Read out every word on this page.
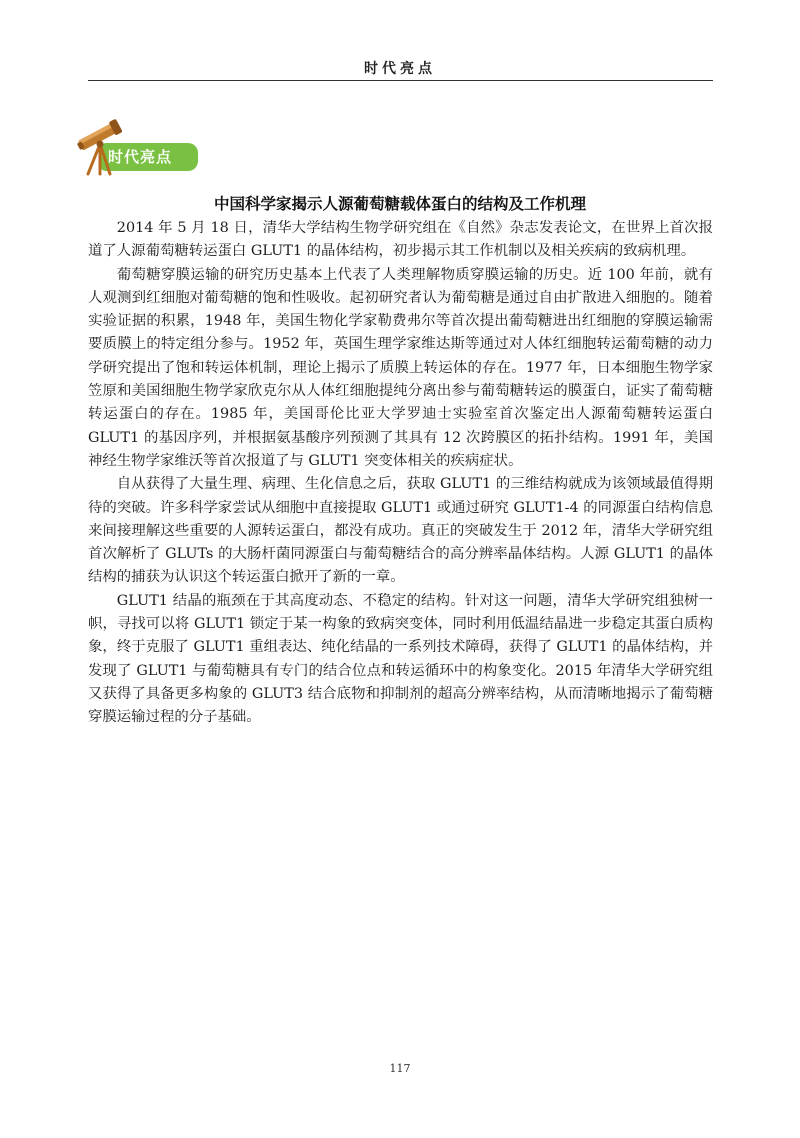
时代亮点
时代亮点
中国科学家揭示人源葡萄糖载体蛋白的结构及工作机理

2014 年 5 月 18 日，清华大学结构生物学研究组在《自然》杂志发表论文，在世界上首次报道了人源葡萄糖转运蛋白 GLUT1 的晶体结构，初步揭示其工作机制以及相关疾病的致病机理。

葡萄糖穿膜运输的研究历史基本上代表了人类理解物质穿膜运输的历史。近 100 年前，就有人观测到红细胞对葡萄糖的饱和性吸收。起初研究者认为葡萄糖是通过自由扩散进入细胞的。随着实验证据的积累，1948 年，美国生物化学家勒费弗尔等首次提出葡萄糖进出红细胞的穿膜运输需要质膜上的特定组分参与。1952 年，英国生理学家维达斯等通过对人体红细胞转运葡萄糖的动力学研究提出了饱和转运体机制，理论上揭示了质膜上转运体的存在。1977 年，日本细胞生物学家笠原和美国细胞生物学家欣克尔从人体红细胞提纯分离出参与葡萄糖转运的膜蛋白，证实了葡萄糖转运蛋白的存在。1985 年，美国哥伦比亚大学罗迪士实验室首次鉴定出人源葡萄糖转运蛋白 GLUT1 的基因序列，并根据氨基酸序列预测了其具有 12 次跨膜区的拓扑结构。1991 年，美国神经生物学家维沃等首次报道了与 GLUT1 突变体相关的疾病症状。

自从获得了大量生理、病理、生化信息之后，获取 GLUT1 的三维结构就成为该领域最值得期待的突破。许多科学家尝试从细胞中直接提取 GLUT1 或通过研究 GLUT1-4 的同源蛋白结构信息来间接理解这些重要的人源转运蛋白，都没有成功。真正的突破发生于 2012 年，清华大学研究组首次解析了 GLUTs 的大肠杆菌同源蛋白与葡萄糖结合的高分辨率晶体结构。人源 GLUT1 的晶体结构的捕获为认识这个转运蛋白掀开了新的一章。

GLUT1 结晶的瓶颈在于其高度动态、不稳定的结构。针对这一问题，清华大学研究组独树一帜，寻找可以将 GLUT1 锁定于某一构象的致病突变体，同时利用低温结晶进一步稳定其蛋白质构象，终于克服了 GLUT1 重组表达、纯化结晶的一系列技术障碍，获得了 GLUT1 的晶体结构，并发现了 GLUT1 与葡萄糖具有专门的结合位点和转运循环中的构象变化。2015 年清华大学研究组又获得了具备更多构象的 GLUT3 结合底物和抑制剂的超高分辨率结构，从而清晰地揭示了葡萄糖穿膜运输过程的分子基础。

117
